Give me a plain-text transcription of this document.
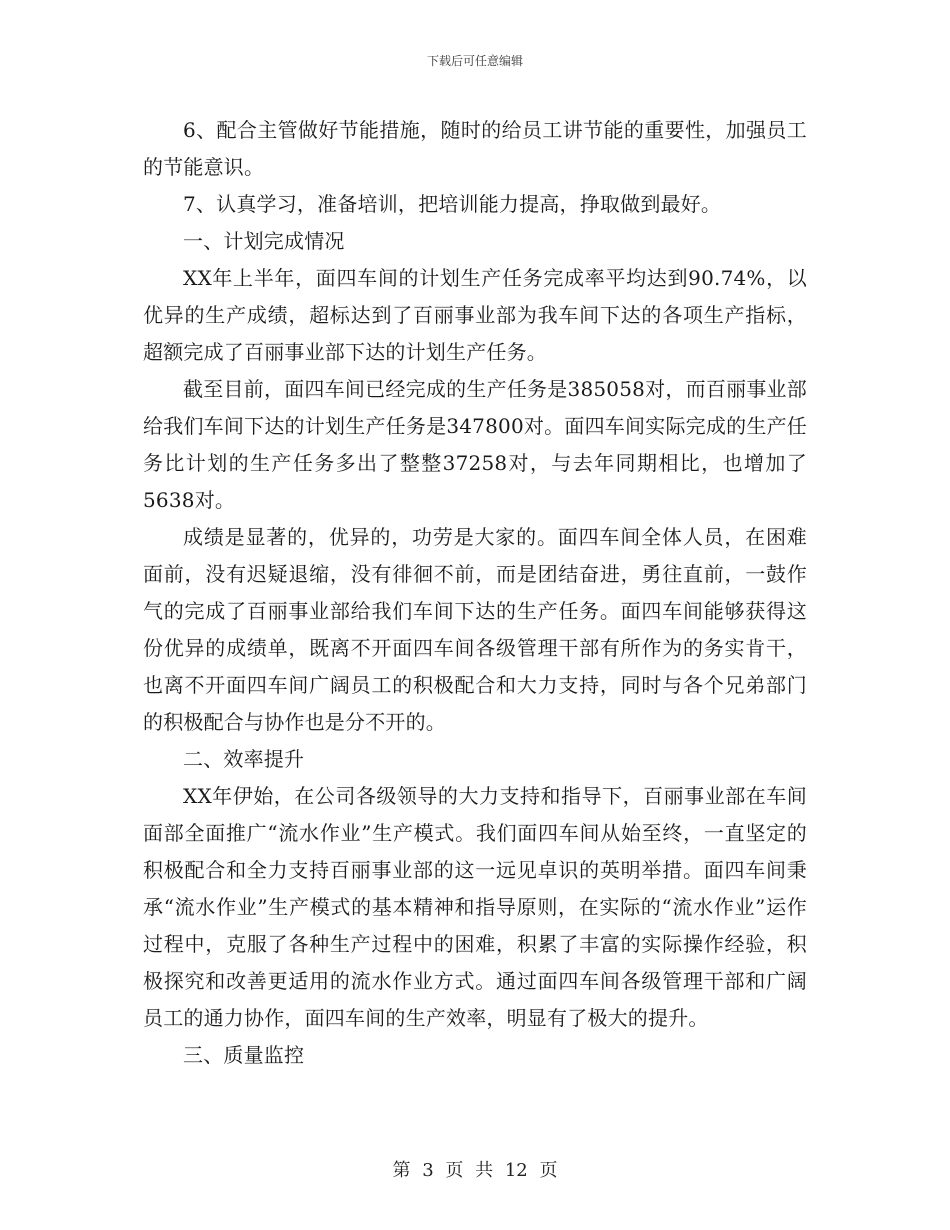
下载后可任意编辑

6、配合主管做好节能措施，随时的给员工讲节能的重要性，加强员工的节能意识。

7、认真学习，准备培训，把培训能力提高，挣取做到最好。

一、计划完成情况

XX年上半年，面四车间的计划生产任务完成率平均达到90.74%，以优异的生产成绩，超标达到了百丽事业部为我车间下达的各项生产指标，超额完成了百丽事业部下达的计划生产任务。

截至目前，面四车间已经完成的生产任务是385058对，而百丽事业部给我们车间下达的计划生产任务是347800对。面四车间实际完成的生产任务比计划的生产任务多出了整整37258对，与去年同期相比，也增加了5638对。

成绩是显著的，优异的，功劳是大家的。面四车间全体人员，在困难面前，没有迟疑退缩，没有徘徊不前，而是团结奋进，勇往直前，一鼓作气的完成了百丽事业部给我们车间下达的生产任务。面四车间能够获得这份优异的成绩单，既离不开面四车间各级管理干部有所作为的务实肯干，也离不开面四车间广阔员工的积极配合和大力支持，同时与各个兄弟部门的积极配合与协作也是分不开的。

二、效率提升

XX年伊始，在公司各级领导的大力支持和指导下，百丽事业部在车间面部全面推广“流水作业”生产模式。我们面四车间从始至终，一直坚定的积极配合和全力支持百丽事业部的这一远见卓识的英明举措。面四车间秉承“流水作业”生产模式的基本精神和指导原则，在实际的“流水作业”运作过程中，克服了各种生产过程中的困难，积累了丰富的实际操作经验，积极探究和改善更适用的流水作业方式。通过面四车间各级管理干部和广阔员工的通力协作，面四车间的生产效率，明显有了极大的提升。

三、质量监控

第 3 页 共 12 页
